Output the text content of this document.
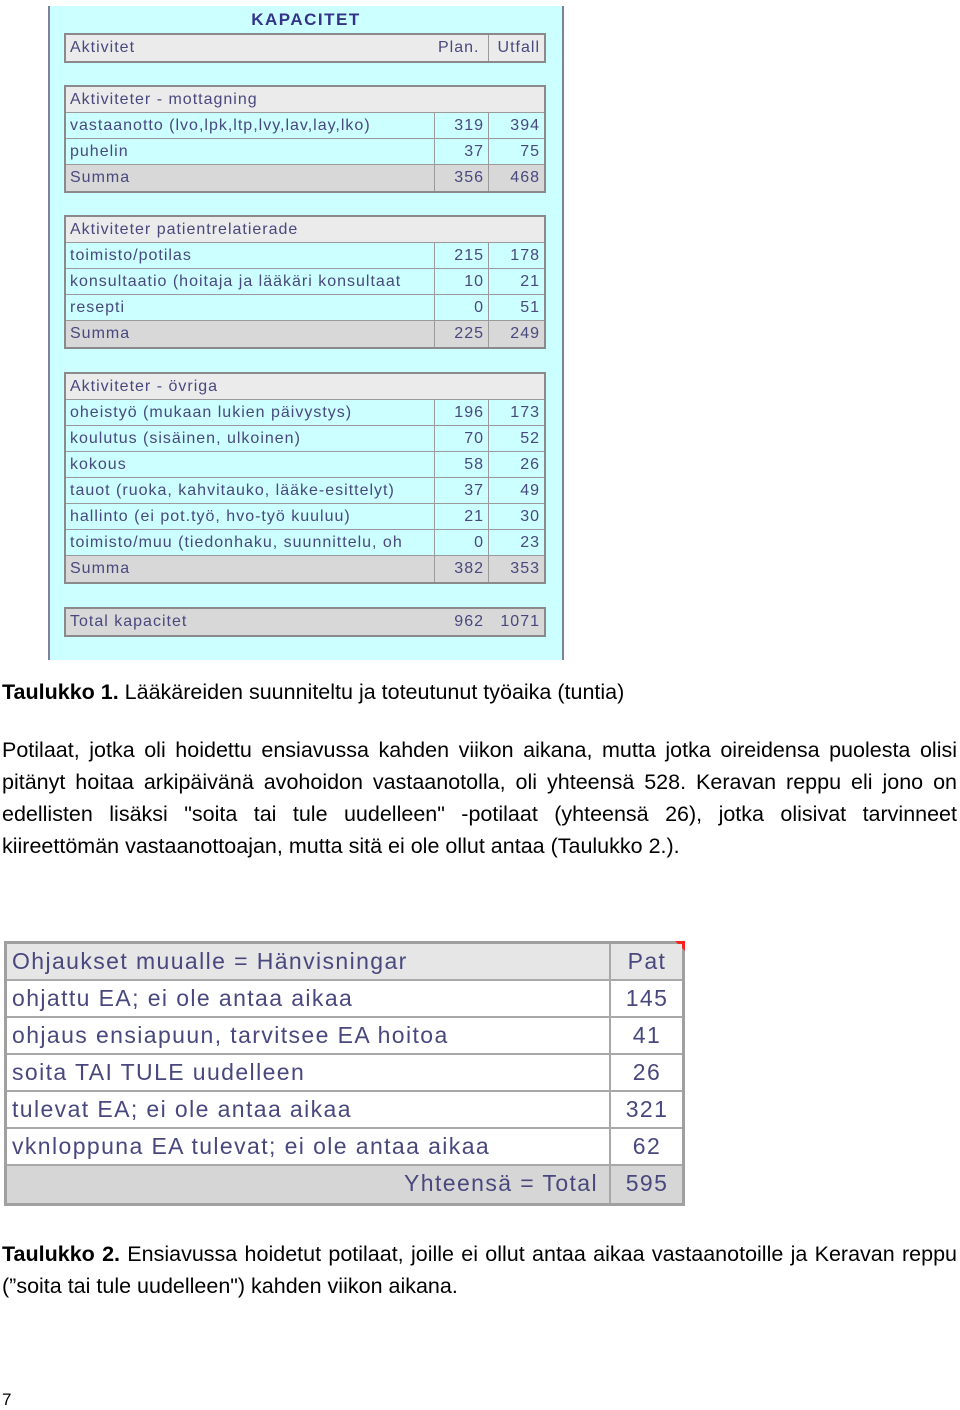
KAPACITET
Aktivitet	Plan.	Utfall
Aktiviteter - mottagning
vastaanotto (lvo,lpk,ltp,lvy,lav,lay,lko)	319	394
puhelin	37	75
Summa	356	468
Aktiviteter patientrelatierade
toimisto/potilas	215	178
konsultaatio (hoitaja ja lääkäri konsultaat	10	21
resepti	0	51
Summa	225	249
Aktiviteter - övriga
oheistyö (mukaan lukien päivystys)	196	173
koulutus (sisäinen, ulkoinen)	70	52
kokous	58	26
tauot (ruoka, kahvitauko, lääke-esittelyt)	37	49
hallinto (ei pot.työ, hvo-työ kuuluu)	21	30
toimisto/muu (tiedonhaku, suunnittelu, oh	0	23
Summa	382	353
Total kapacitet	962	1071
Taulukko 1. Lääkäreiden suunniteltu ja toteutunut työaika (tuntia)
Potilaat, jotka oli hoidettu ensiavussa kahden viikon aikana, mutta jotka oireidensa puolesta olisi pitänyt hoitaa arkipäivänä avohoidon vastaanotolla, oli yhteensä 528. Keravan reppu eli jono on edellisten lisäksi "soita tai tule uudelleen" -potilaat (yhteensä 26), jotka olisivat tarvinneet kiireettömän vastaanottoajan, mutta sitä ei ole ollut antaa (Taulukko 2.).
Ohjaukset muualle = Hänvisningar	Pat
ohjattu EA; ei ole antaa aikaa	145
ohjaus ensiapuun, tarvitsee EA hoitoa	41
soita TAI TULE uudelleen	26
tulevat EA; ei ole antaa aikaa	321
vknloppuna EA tulevat; ei ole antaa aikaa	62
Yhteensä = Total	595
Taulukko 2. Ensiavussa hoidetut potilaat, joille ei ollut antaa aikaa vastaanotoille ja Keravan reppu (”soita tai tule uudelleen") kahden viikon aikana.
7
